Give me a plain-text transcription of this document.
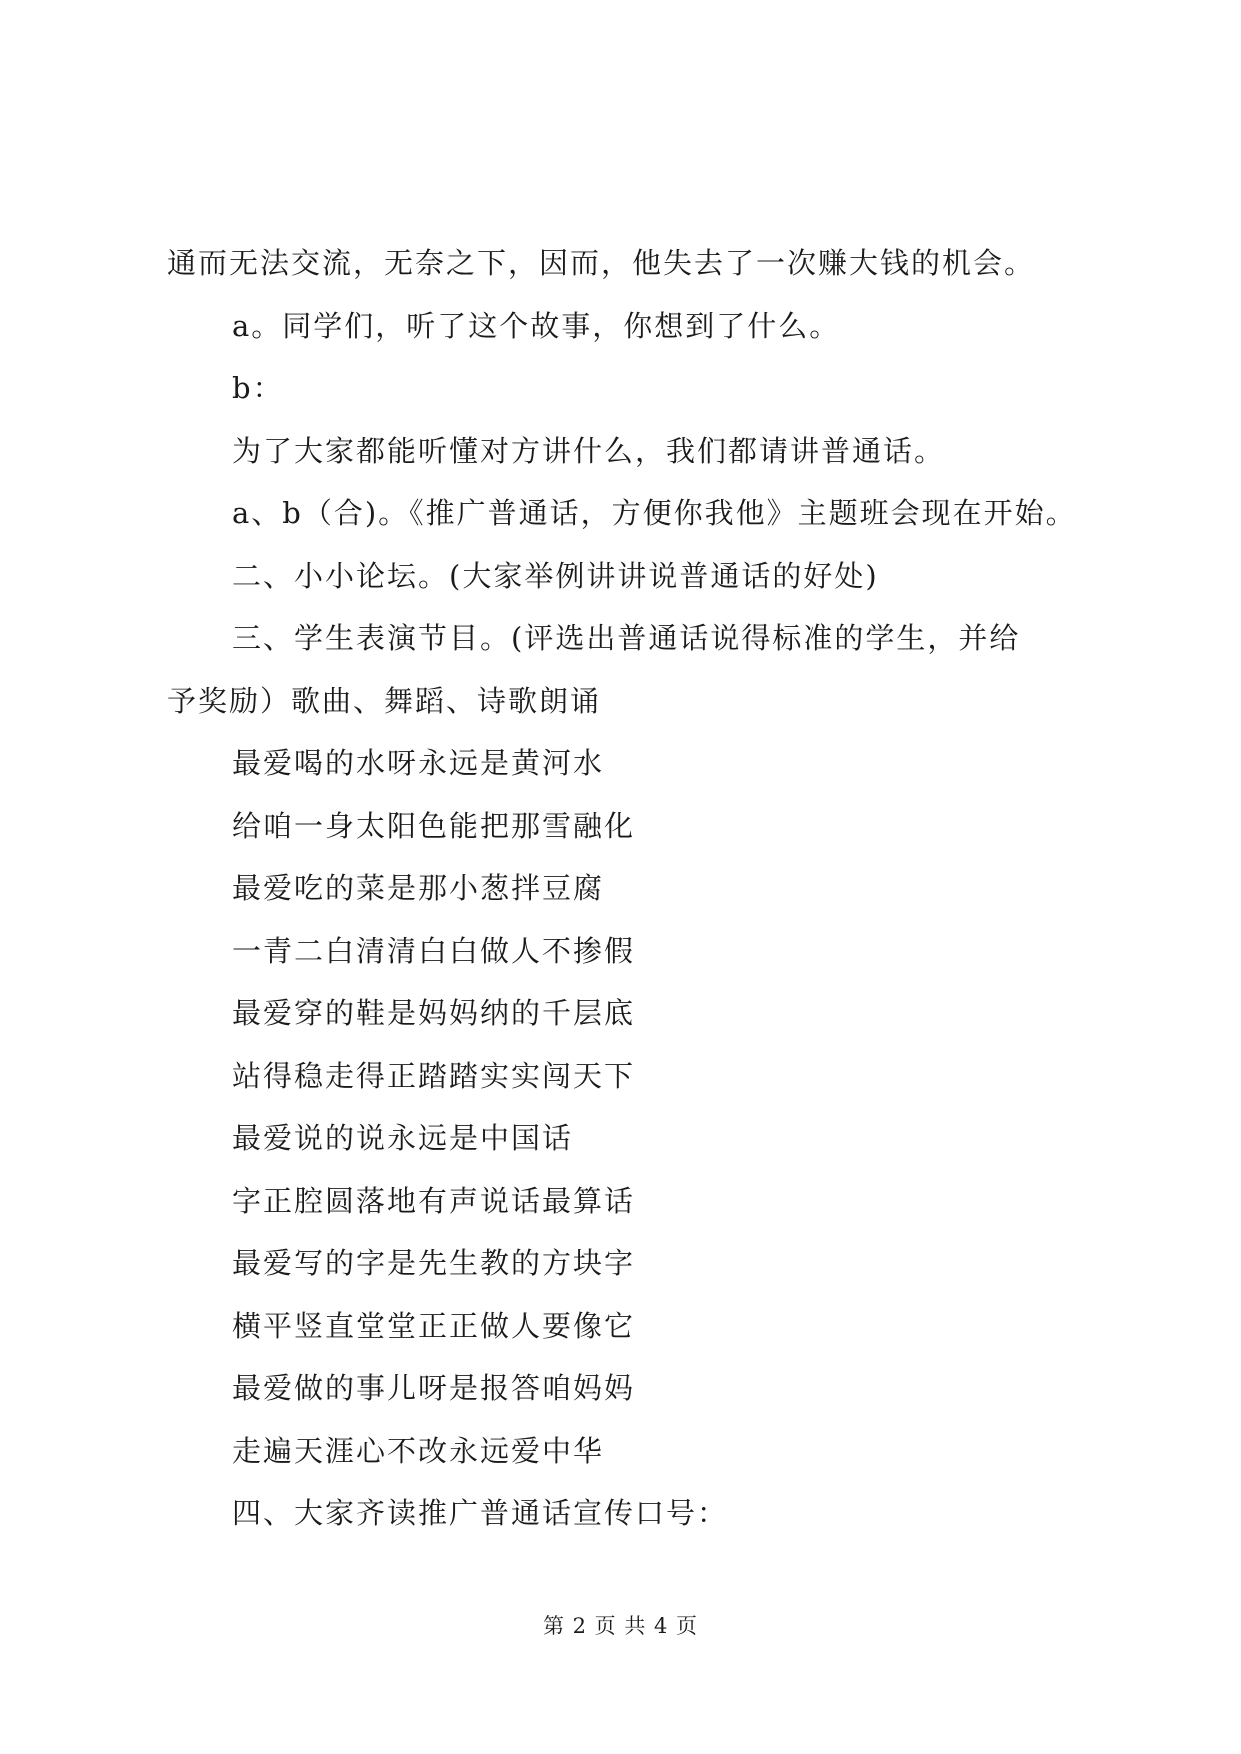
通而无法交流，无奈之下，因而，他失去了一次赚大钱的机会。
a。同学们，听了这个故事，你想到了什么。
b：
为了大家都能听懂对方讲什么，我们都请讲普通话。
a、b（合)。《推广普通话，方便你我他》主题班会现在开始。
二、小小论坛。(大家举例讲讲说普通话的好处)
三、学生表演节目。(评选出普通话说得标准的学生，并给
予奖励）歌曲、舞蹈、诗歌朗诵
最爱喝的水呀永远是黄河水
给咱一身太阳色能把那雪融化
最爱吃的菜是那小葱拌豆腐
一青二白清清白白做人不掺假
最爱穿的鞋是妈妈纳的千层底
站得稳走得正踏踏实实闯天下
最爱说的说永远是中国话
字正腔圆落地有声说话最算话
最爱写的字是先生教的方块字
横平竖直堂堂正正做人要像它
最爱做的事儿呀是报答咱妈妈
走遍天涯心不改永远爱中华
四、大家齐读推广普通话宣传口号：
第 2 页 共 4 页
